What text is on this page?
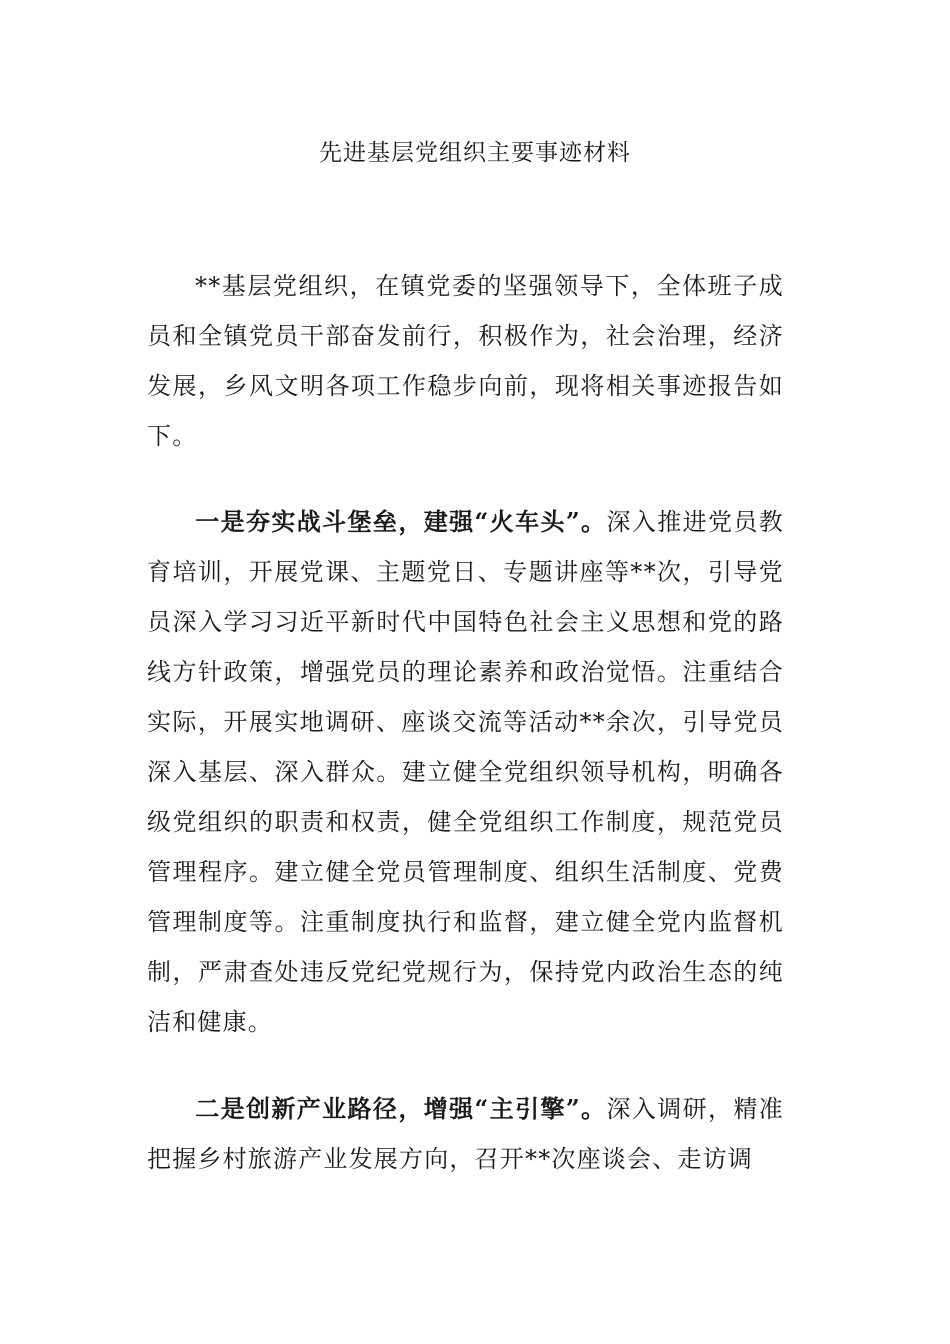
先进基层党组织主要事迹材料

**基层党组织，在镇党委的坚强领导下，全体班子成员和全镇党员干部奋发前行，积极作为，社会治理，经济发展，乡风文明各项工作稳步向前，现将相关事迹报告如下。

一是夯实战斗堡垒，建强“火车头”。深入推进党员教育培训，开展党课、主题党日、专题讲座等**次，引导党员深入学习习近平新时代中国特色社会主义思想和党的路线方针政策，增强党员的理论素养和政治觉悟。注重结合实际，开展实地调研、座谈交流等活动**余次，引导党员深入基层、深入群众。建立健全党组织领导机构，明确各级党组织的职责和权责，健全党组织工作制度，规范党员管理程序。建立健全党员管理制度、组织生活制度、党费管理制度等。注重制度执行和监督，建立健全党内监督机制，严肃查处违反党纪党规行为，保持党内政治生态的纯洁和健康。

二是创新产业路径，增强“主引擎”。深入调研，精准把握乡村旅游产业发展方向，召开**次座谈会、走访调
